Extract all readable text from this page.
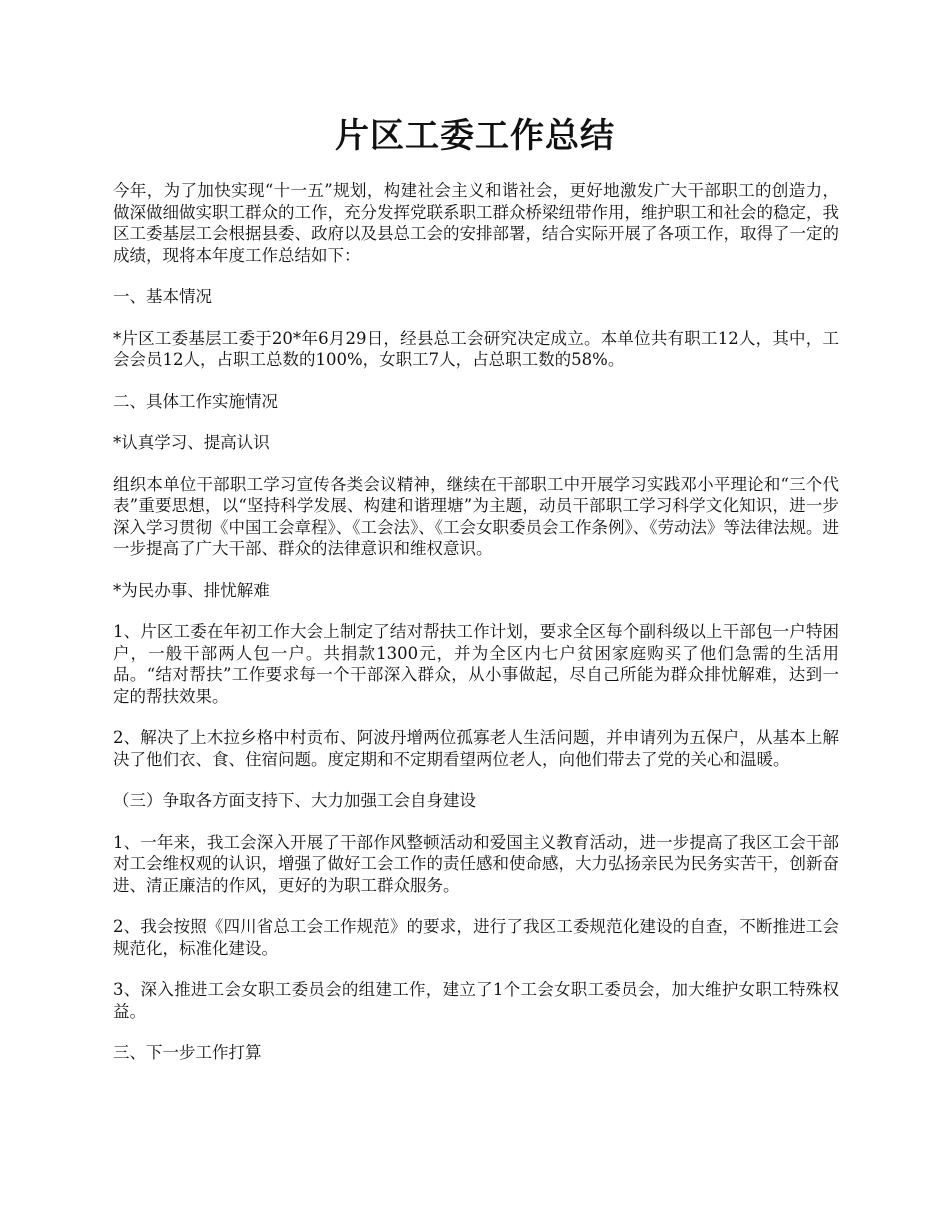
片区工委工作总结

今年，为了加快实现“十一五”规划，构建社会主义和谐社会，更好地激发广大干部职工的创造力，做深做细做实职工群众的工作，充分发挥党联系职工群众桥梁纽带作用，维护职工和社会的稳定，我区工委基层工会根据县委、政府以及县总工会的安排部署，结合实际开展了各项工作，取得了一定的成绩，现将本年度工作总结如下：

一、基本情况

*片区工委基层工委于20*年6月29日，经县总工会研究决定成立。本单位共有职工12人，其中，工会会员12人，占职工总数的100%，女职工7人，占总职工数的58%。

二、具体工作实施情况

*认真学习、提高认识

组织本单位干部职工学习宣传各类会议精神，继续在干部职工中开展学习实践邓小平理论和“三个代表”重要思想，以“坚持科学发展、构建和谐理塘”为主题，动员干部职工学习科学文化知识，进一步深入学习贯彻《中国工会章程》、《工会法》、《工会女职委员会工作条例》、《劳动法》等法律法规。进一步提高了广大干部、群众的法律意识和维权意识。

*为民办事、排忧解难

1、片区工委在年初工作大会上制定了结对帮扶工作计划，要求全区每个副科级以上干部包一户特困户，一般干部两人包一户。共捐款1300元，并为全区内七户贫困家庭购买了他们急需的生活用品。“结对帮扶”工作要求每一个干部深入群众，从小事做起，尽自己所能为群众排忧解难，达到一定的帮扶效果。

2、解决了上木拉乡格中村贡布、阿波丹增两位孤寡老人生活问题，并申请列为五保户，从基本上解决了他们衣、食、住宿问题。度定期和不定期看望两位老人，向他们带去了党的关心和温暖。

（三）争取各方面支持下、大力加强工会自身建设

1、一年来，我工会深入开展了干部作风整顿活动和爱国主义教育活动，进一步提高了我区工会干部对工会维权观的认识，增强了做好工会工作的责任感和使命感，大力弘扬亲民为民务实苦干，创新奋进、清正廉洁的作风，更好的为职工群众服务。

2、我会按照《四川省总工会工作规范》的要求，进行了我区工委规范化建设的自查，不断推进工会规范化，标准化建设。

3、深入推进工会女职工委员会的组建工作，建立了1个工会女职工委员会，加大维护女职工特殊权益。

三、下一步工作打算
